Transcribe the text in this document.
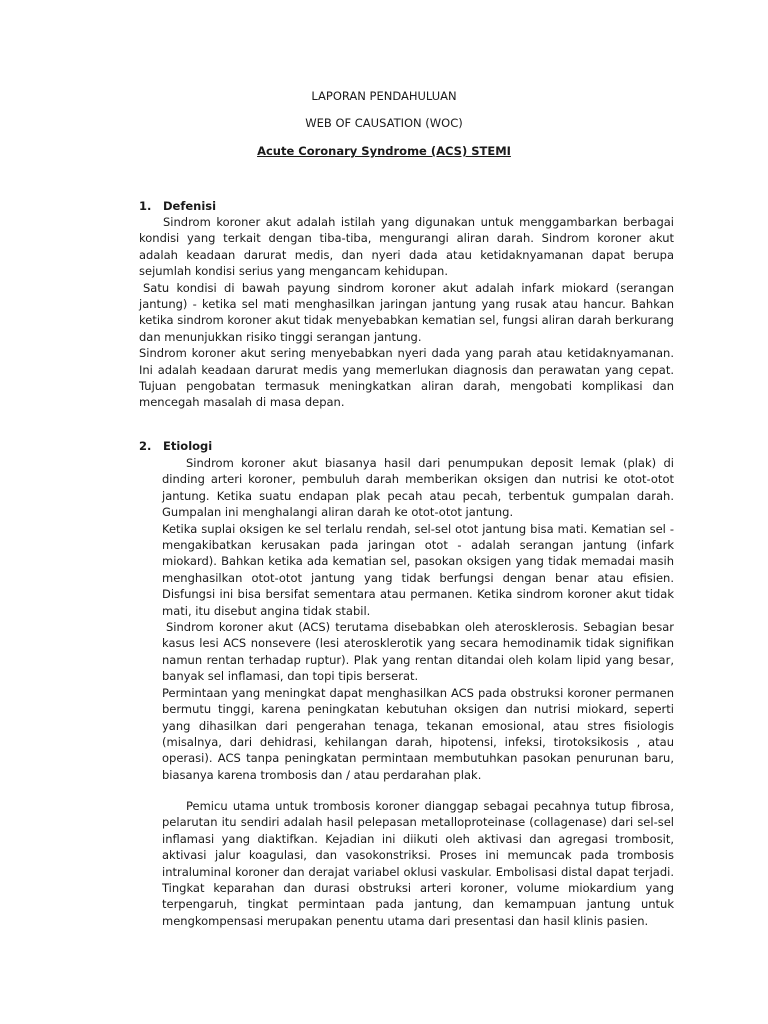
LAPORAN PENDAHULUAN

WEB OF CAUSATION (WOC)

Acute Coronary Syndrome (ACS) STEMI

1. Defenisi

Sindrom koroner akut adalah istilah yang digunakan untuk menggambarkan berbagai kondisi yang terkait dengan tiba-tiba, mengurangi aliran darah. Sindrom koroner akut adalah keadaan darurat medis, dan nyeri dada atau ketidaknyamanan dapat berupa sejumlah kondisi serius yang mengancam kehidupan.

Satu kondisi di bawah payung sindrom koroner akut adalah infark miokard (serangan jantung) - ketika sel mati menghasilkan jaringan jantung yang rusak atau hancur. Bahkan ketika sindrom koroner akut tidak menyebabkan kematian sel, fungsi aliran darah berkurang dan menunjukkan risiko tinggi serangan jantung.

Sindrom koroner akut sering menyebabkan nyeri dada yang parah atau ketidaknyamanan. Ini adalah keadaan darurat medis yang memerlukan diagnosis dan perawatan yang cepat. Tujuan pengobatan termasuk meningkatkan aliran darah, mengobati komplikasi dan mencegah masalah di masa depan.

2. Etiologi

Sindrom koroner akut biasanya hasil dari penumpukan deposit lemak (plak) di dinding arteri koroner, pembuluh darah memberikan oksigen dan nutrisi ke otot-otot jantung. Ketika suatu endapan plak pecah atau pecah, terbentuk gumpalan darah. Gumpalan ini menghalangi aliran darah ke otot-otot jantung.

Ketika suplai oksigen ke sel terlalu rendah, sel-sel otot jantung bisa mati. Kematian sel - mengakibatkan kerusakan pada jaringan otot - adalah serangan jantung (infark miokard). Bahkan ketika ada kematian sel, pasokan oksigen yang tidak memadai masih menghasilkan otot-otot jantung yang tidak berfungsi dengan benar atau efisien. Disfungsi ini bisa bersifat sementara atau permanen. Ketika sindrom koroner akut tidak mati, itu disebut angina tidak stabil.

Sindrom koroner akut (ACS) terutama disebabkan oleh aterosklerosis. Sebagian besar kasus lesi ACS nonsevere (lesi aterosklerotik yang secara hemodinamik tidak signifikan namun rentan terhadap ruptur). Plak yang rentan ditandai oleh kolam lipid yang besar, banyak sel inflamasi, dan topi tipis berserat.

Permintaan yang meningkat dapat menghasilkan ACS pada obstruksi koroner permanen bermutu tinggi, karena peningkatan kebutuhan oksigen dan nutrisi miokard, seperti yang dihasilkan dari pengerahan tenaga, tekanan emosional, atau stres fisiologis (misalnya, dari dehidrasi, kehilangan darah, hipotensi, infeksi, tirotoksikosis , atau operasi). ACS tanpa peningkatan permintaan membutuhkan pasokan penurunan baru, biasanya karena trombosis dan / atau perdarahan plak.

Pemicu utama untuk trombosis koroner dianggap sebagai pecahnya tutup fibrosa, pelarutan itu sendiri adalah hasil pelepasan metalloproteinase (collagenase) dari sel-sel inflamasi yang diaktifkan. Kejadian ini diikuti oleh aktivasi dan agregasi trombosit, aktivasi jalur koagulasi, dan vasokonstriksi. Proses ini memuncak pada trombosis intraluminal koroner dan derajat variabel oklusi vaskular. Embolisasi distal dapat terjadi. Tingkat keparahan dan durasi obstruksi arteri koroner, volume miokardium yang terpengaruh, tingkat permintaan pada jantung, dan kemampuan jantung untuk mengkompensasi merupakan penentu utama dari presentasi dan hasil klinis pasien.
